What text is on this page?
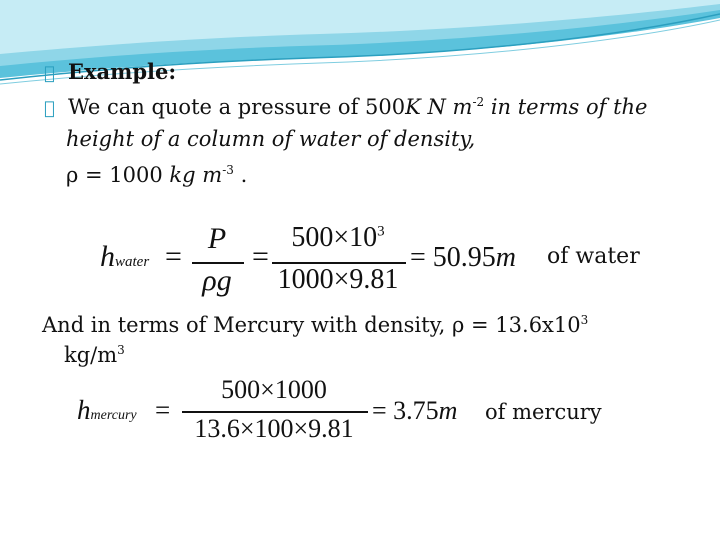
Example:
We can quote a pressure of 500K N $m^{-2}$ in terms of the
height of a column of water of density,
ρ = 1000 kg $m^{-3}$ .
hwater =
P
ρg
=
$500\times 10^3$
1000×9.81
= 50.95m of water
And in terms of Mercury with density, $\rho = 13.6x10^3$
$kg/m^3$
hmercury =
500×1000
13.6×100×9.81
= 3.75m of mercury
